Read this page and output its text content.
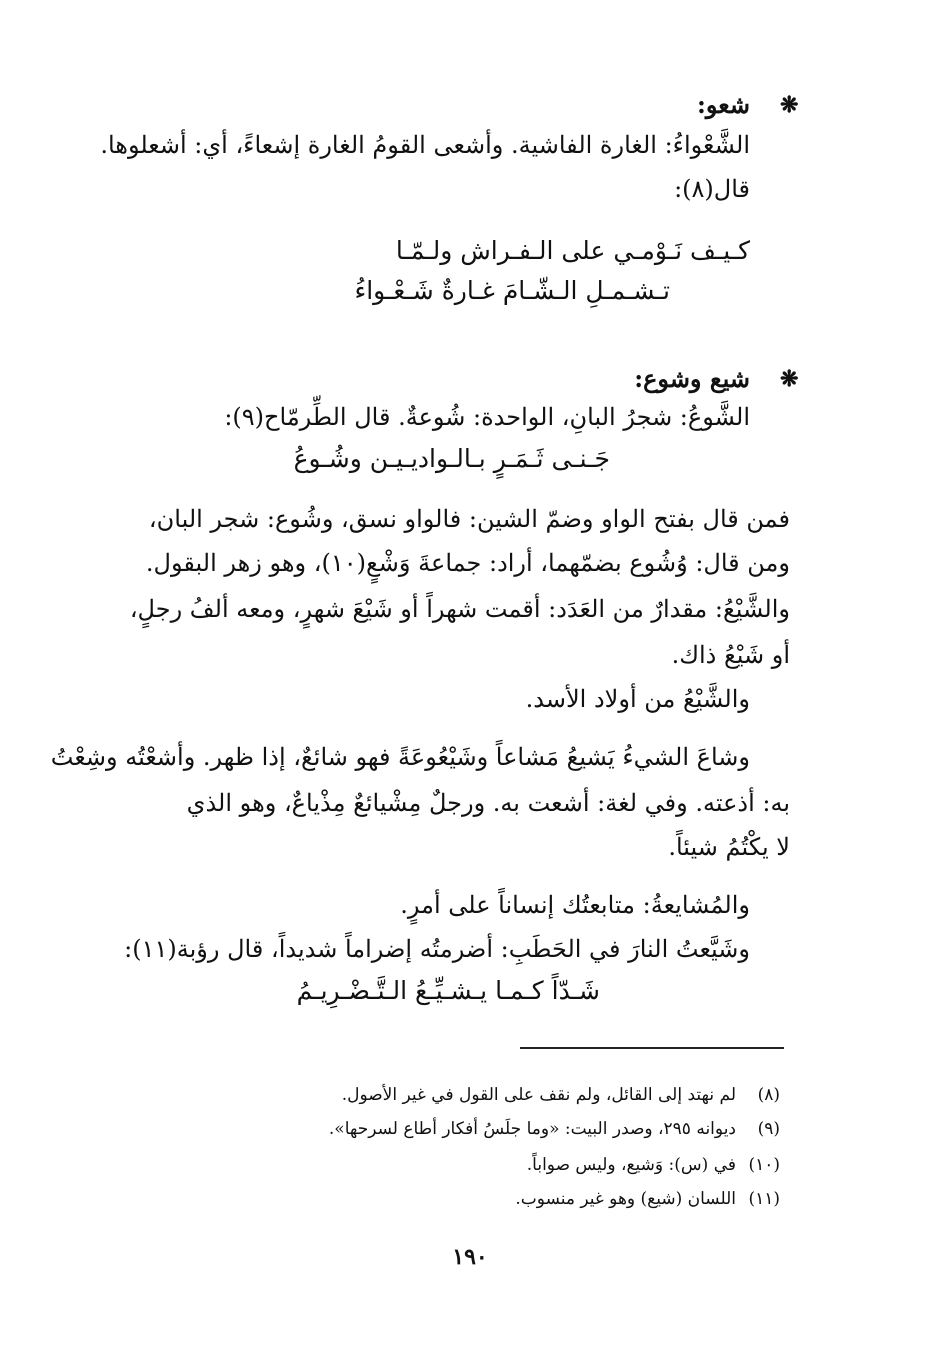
❋
شعو:
الشَّعْواءُ: الغارة الفاشية. وأشعى القومُ الغارة إشعاءً، أي: أشعلوها.
قال(٨):
كـيـف نَـوْمـي على الـفـراش ولـمّـا
تـشـمـلِ الـشّـامَ غـارةٌ شَـعْـواءُ
❋
شيع وشوع:
الشَّوعُ: شجرُ البانِ، الواحدة: شُوعةٌ. قال الطِّرمّاح(٩):
جَـنـى ثَـمَـرٍ بـالـواديـيـن وشُـوعُ
فمن قال بفتح الواو وضمّ الشين: فالواو نسق، وشُوع: شجر البان،
ومن قال: وُشُوع بضمّهما، أراد: جماعةَ وَشْعٍ(١٠)، وهو زهر البقول.
والشَّيْعُ: مقدارٌ من العَدَد: أقمت شهراً أو شَيْعَ شهرٍ، ومعه ألفُ رجلٍ،
أو شَيْعُ ذاك.
والشَّيْعُ من أولاد الأسد.
وشاعَ الشيءُ يَشيعُ مَشاعاً وشَيْعُوعَةً فهو شائعٌ، إذا ظهر. وأشعْتُه وشِعْتُ
به: أذعته. وفي لغة: أشعت به. ورجلٌ مِشْيائعٌ مِذْياعٌ، وهو الذي
لا يكْتُمُ شيئاً.
والمُشايعةُ: متابعتُك إنساناً على أمرٍ.
وشَيَّعتُ النارَ في الحَطَبِ: أضرمتُه إضراماً شديداً، قال رؤبة(١١):
شَـدّاً كـمـا يـشـيِّـعُ الـتَّـضْـرِيـمُ
(٨)لم نهتد إلى القائل، ولم نقف على القول في غير الأصول.
(٩)ديوانه ٢٩٥، وصدر البيت: «وما جلَسُ أفكار أطاع لسرحها».
(١٠)في (س): وَشيع، وليس صواباً.
(١١)اللسان (شيع) وهو غير منسوب.
١٩٠
